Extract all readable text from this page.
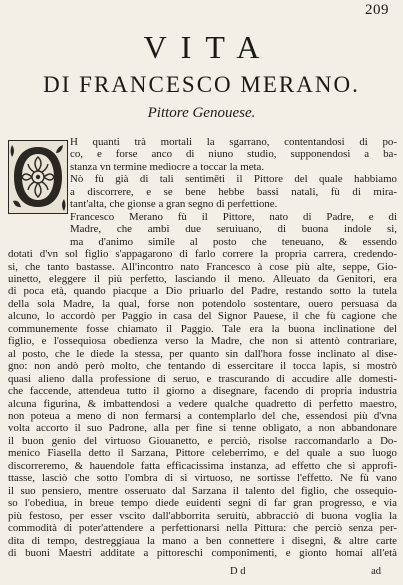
209
VITA
DI FRANCESCO MERANO.
Pittore Genouese.
H quanti trà mortali la sgarrano, contentandosi di po-
co, e forse anco di niuno studio, supponendosi a ba-
stanza vn termine mediocre a toccar la meta.
Nò fù già di tali sentimēti il Pittore del quale habbiamo
a discorrere, e se bene hebbe bassi natali, fù di mira-
tant'alta, che gionse a gran segno di perfettione.
Francesco Merano fù il Pittore, nato di Padre, e di
Madre, che ambi due seruiuano, di buona indole si,
ma d'animo simile al posto che teneuano, & essendo
dotati d'vn sol figlio s'appagarono di farlo correre la propria carrera, credendo-
si, che tanto bastasse. All'incontro nato Francesco à cose più alte, seppe, Gio-
uinetto, eleggere il più perfetto, lasciando il meno. Alleuato da Genitori, era
di poca età, quando piacque a Dio priuarlo del Padre, restando sotto la tutela
della sola Madre, la qual, forse non potendolo sostentare, ouero persuasa da
alcuno, lo accordò per Paggio in casa del Signor Pauese, il che fù cagione che
communemente fosse chiamato il Paggio. Tale era la buona inclinatione del
figlio, e l'ossequiosa obedienza verso la Madre, che non si attentò contrariare,
al posto, che le diede la stessa, per quanto sin dall'hora fosse inclinato al dise-
gno: non andò però molto, che tentando di essercitare il tocca lapis, si mostrò
quasi alieno dalla professione di seruo, e trascurando di accudire alle domesti-
che faccende, attendeua tutto il giorno a disegnare, facendo di propria industria
alcuna figurina, & imbattendosi a vedere qualche quadretto di perfetto maestro,
non poteua a meno di non fermarsi a contemplarlo del che, essendosi più d'vna
volta accorto il suo Padrone, alla per fine si tenne obligato, a non abbandonare
il buon genio del virtuoso Giouanetto, e perciò, risolse raccomandarlo a Do-
menico Fiasella detto il Sarzana, Pittore celeberrimo, e del quale a suo luogo
discorreremo, & hauendole fatta efficacissima instanza, ad effetto che sì approfi-
ttasse, lasciò che sotto l'ombra di sì virtuoso, ne sortisse l'effetto. Ne fù vano
il suo pensiero, mentre osseruato dal Sarzana il talento del figlio, che ossequio-
so l'obediua, in breue tempo diede euidenti segni di far gran progresso, e via
più festoso, per esser vscito dall'abborrita seruitù, abbracciò di buona voglia la
commodità di poter'attendere a perfettionarsi nella Pittura: che perciò senza per-
dita di tempo, destreggiaua la mano a ben connettere i disegni, & altre carte
di buoni Maestri additate a pittoreschi componimenti, e gionto homai all'età
D d	ad
